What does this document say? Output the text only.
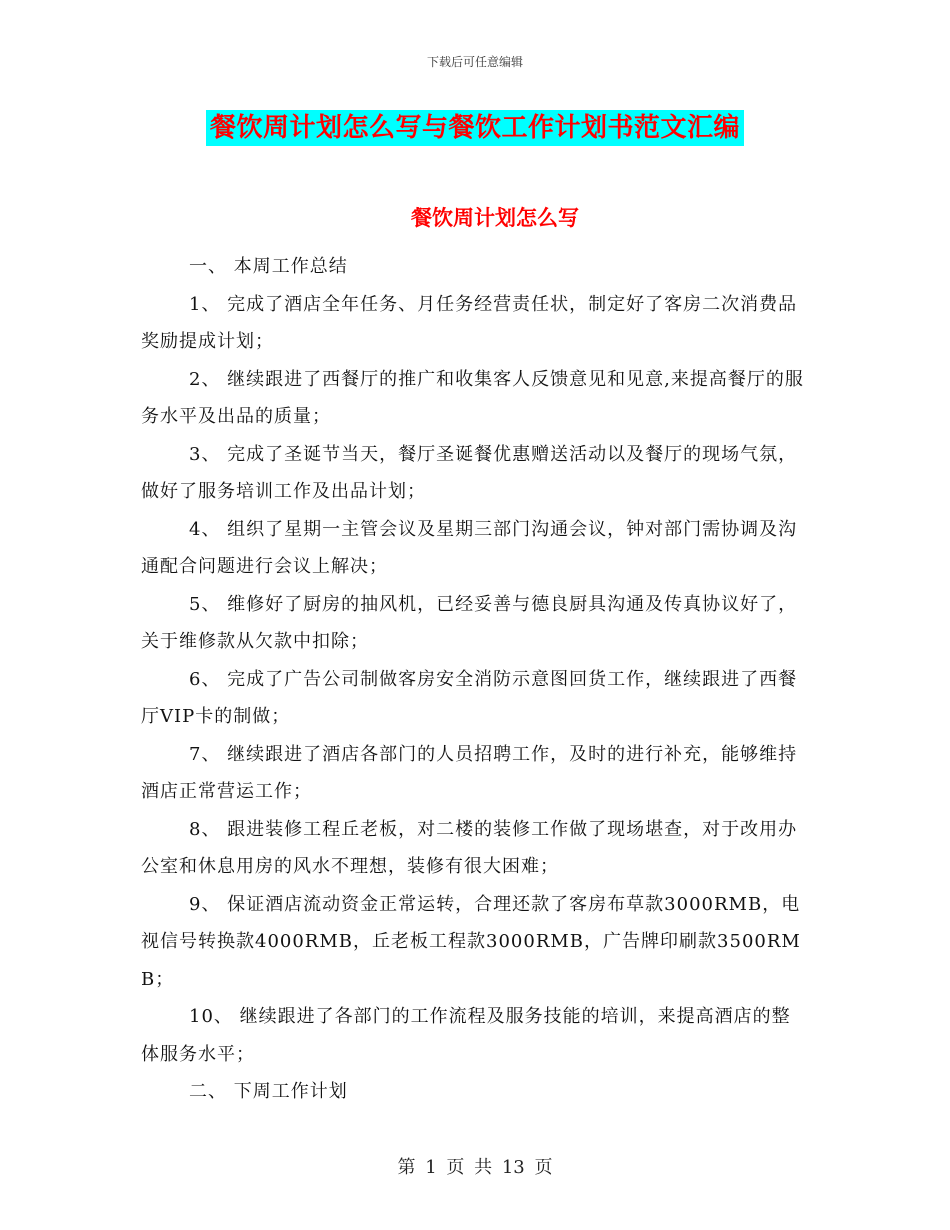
下载后可任意编辑
餐饮周计划怎么写与餐饮工作计划书范文汇编
餐饮周计划怎么写

一、 本周工作总结

1、 完成了酒店全年任务、月任务经营责任状，制定好了客房二次消费品奖励提成计划；

2、 继续跟进了西餐厅的推广和收集客人反馈意见和见意,来提高餐厅的服务水平及出品的质量；

3、 完成了圣诞节当天，餐厅圣诞餐优惠赠送活动以及餐厅的现场气氛，做好了服务培训工作及出品计划；

4、 组织了星期一主管会议及星期三部门沟通会议，钟对部门需协调及沟通配合问题进行会议上解决；

5、 维修好了厨房的抽风机，已经妥善与德良厨具沟通及传真协议好了，关于维修款从欠款中扣除；

6、 完成了广告公司制做客房安全消防示意图回货工作，继续跟进了西餐厅VIP卡的制做；

7、 继续跟进了酒店各部门的人员招聘工作，及时的进行补充，能够维持酒店正常营运工作；

8、 跟进装修工程丘老板，对二楼的装修工作做了现场堪查，对于改用办公室和休息用房的风水不理想，装修有很大困难；

9、 保证酒店流动资金正常运转，合理还款了客房布草款3000RMB，电视信号转换款4000RMB，丘老板工程款3000RMB，广告牌印刷款3500RMB；

10、 继续跟进了各部门的工作流程及服务技能的培训，来提高酒店的整体服务水平；

二、 下周工作计划

第 1 页 共 13 页
